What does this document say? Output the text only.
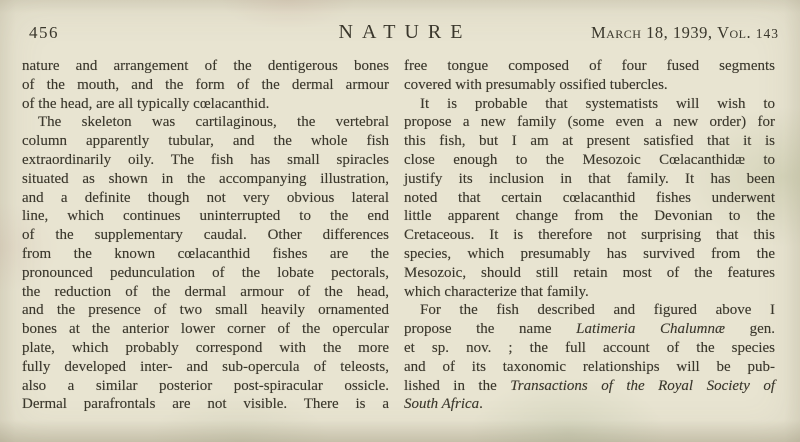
456	NATURE	March 18, 1939, Vol. 143
nature and arrangement of the dentigerous bones
of the mouth, and the form of the dermal armour
of the head, are all typically cœlacanthid.
The skeleton was cartilaginous, the vertebral
column apparently tubular, and the whole fish
extraordinarily oily. The fish has small spiracles
situated as shown in the accompanying illustration,
and a definite though not very obvious lateral
line, which continues uninterrupted to the end
of the supplementary caudal. Other differences
from the known cœlacanthid fishes are the
pronounced pedunculation of the lobate pectorals,
the reduction of the dermal armour of the head,
and the presence of two small heavily ornamented
bones at the anterior lower corner of the opercular
plate, which probably correspond with the more
fully developed inter- and sub-opercula of teleosts,
also a similar posterior post-spiracular ossicle.
Dermal parafrontals are not visible. There is a
free tongue composed of four fused segments
covered with presumably ossified tubercles.
It is probable that systematists will wish to
propose a new family (some even a new order) for
this fish, but I am at present satisfied that it is
close enough to the Mesozoic Cœlacanthidæ to
justify its inclusion in that family. It has been
noted that certain cœlacanthid fishes underwent
little apparent change from the Devonian to the
Cretaceous. It is therefore not surprising that this
species, which presumably has survived from the
Mesozoic, should still retain most of the features
which characterize that family.
For the fish described and figured above I
propose the name Latimeria Chalumnæ gen.
et sp. nov. ; the full account of the species
and of its taxonomic relationships will be pub-
lished in the Transactions of the Royal Society of
South Africa.
